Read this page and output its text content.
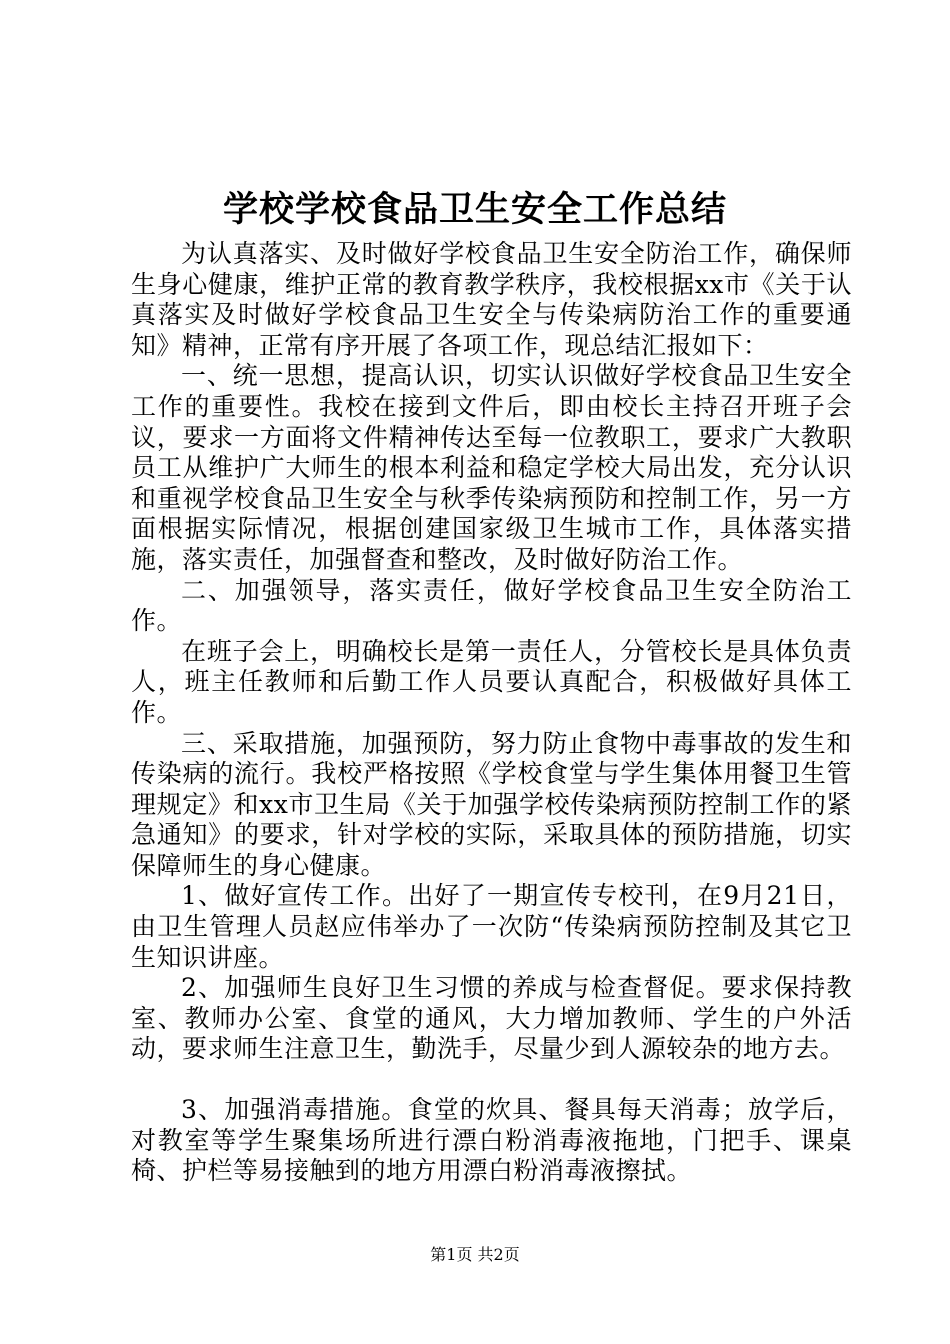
学校学校食品卫生安全工作总结

为认真落实、及时做好学校食品卫生安全防治工作，确保师生身心健康，维护正常的教育教学秩序，我校根据xx市《关于认真落实及时做好学校食品卫生安全与传染病防治工作的重要通知》精神，正常有序开展了各项工作，现总结汇报如下：

一、统一思想，提高认识，切实认识做好学校食品卫生安全工作的重要性。我校在接到文件后，即由校长主持召开班子会议，要求一方面将文件精神传达至每一位教职工，要求广大教职员工从维护广大师生的根本利益和稳定学校大局出发，充分认识和重视学校食品卫生安全与秋季传染病预防和控制工作，另一方面根据实际情况，根据创建国家级卫生城市工作，具体落实措施，落实责任，加强督查和整改，及时做好防治工作。

二、加强领导，落实责任，做好学校食品卫生安全防治工作。

在班子会上，明确校长是第一责任人，分管校长是具体负责人，班主任教师和后勤工作人员要认真配合，积极做好具体工作。

三、采取措施，加强预防，努力防止食物中毒事故的发生和传染病的流行。我校严格按照《学校食堂与学生集体用餐卫生管理规定》和xx市卫生局《关于加强学校传染病预防控制工作的紧急通知》的要求，针对学校的实际，采取具体的预防措施，切实保障师生的身心健康。

1、做好宣传工作。出好了一期宣传专校刊，在9月21日，由卫生管理人员赵应伟举办了一次防“传染病预防控制及其它卫生知识讲座。

2、加强师生良好卫生习惯的养成与检查督促。要求保持教室、教师办公室、食堂的通风，大力增加教师、学生的户外活动，要求师生注意卫生，勤洗手，尽量少到人源较杂的地方去。

3、加强消毒措施。食堂的炊具、餐具每天消毒；放学后，对教室等学生聚集场所进行漂白粉消毒液拖地，门把手、课桌椅、护栏等易接触到的地方用漂白粉消毒液擦拭。

第1页 共2页
